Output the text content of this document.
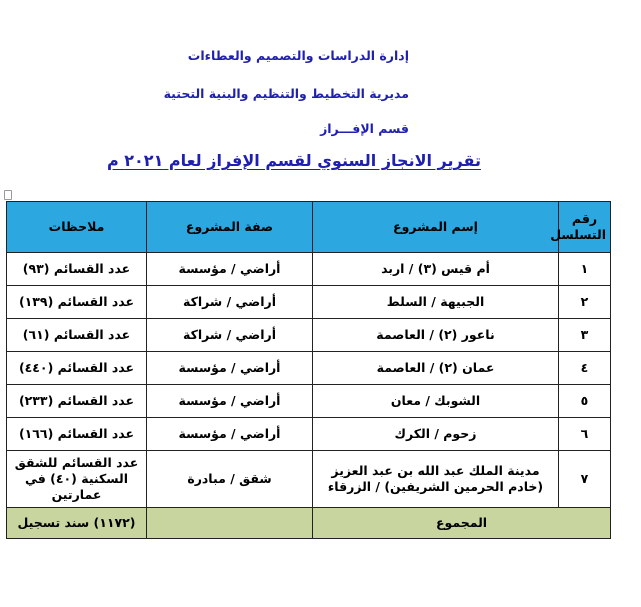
إدارة الدراسات والتصميم والعطاءات
مديرية التخطيط والتنظيم والبنية التحتية
قسم الإفـــراز
تقرير الانجاز السنوي لقسم الإفراز لعام ٢٠٢١ م
رقم التسلسل	إسم المشروع	صفة المشروع	ملاحظات
١	أم قيس (٣) / اربد	أراضي / مؤسسة	عدد القسائم (٩٣)
٢	الجبيهة / السلط	أراضي / شراكة	عدد القسائم (١٣٩)
٣	ناعور (٢) / العاصمة	أراضي / شراكة	عدد القسائم (٦١)
٤	عمان (٢) / العاصمة	أراضي / مؤسسة	عدد القسائم (٤٤٠)
٥	الشوبك / معان	أراضي / مؤسسة	عدد القسائم (٢٣٣)
٦	زحوم / الكرك	أراضي / مؤسسة	عدد القسائم (١٦٦)
٧	مدينة الملك عبد الله بن عبد العزيز (خادم الحرمين الشريفين) / الزرقاء	شقق / مبادرة	عدد القسائم للشقق السكنية (٤٠) في عمارتين
المجموع			(١١٧٢) سند تسجيل
